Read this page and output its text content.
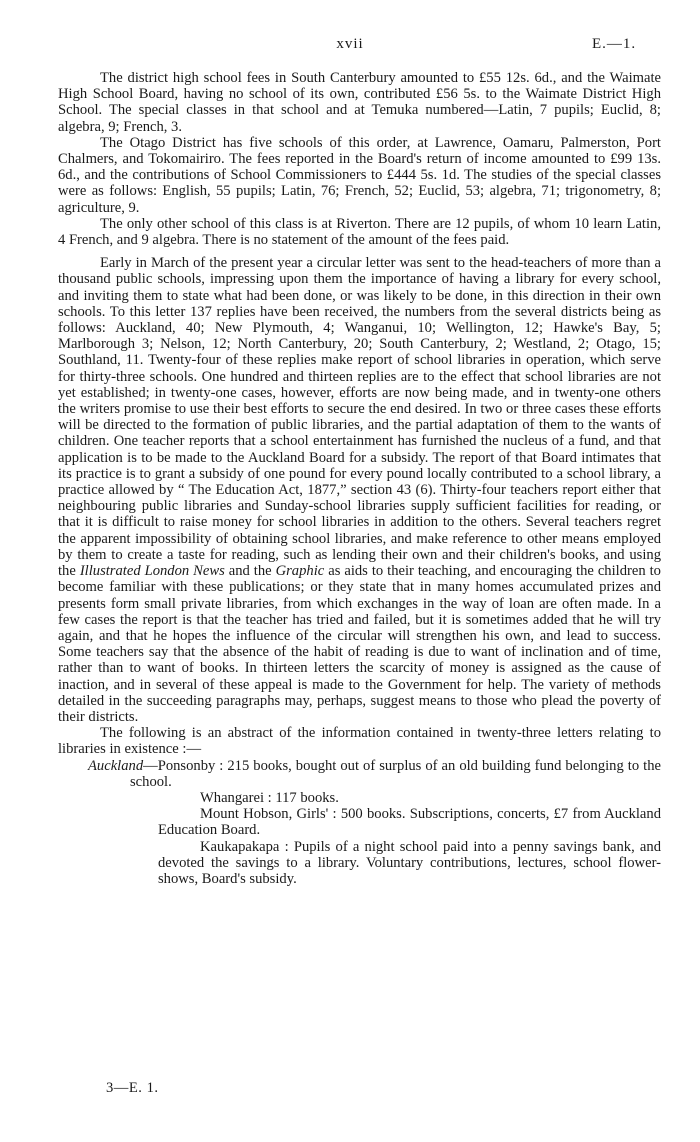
xvii	E.—1.

The district high school fees in South Canterbury amounted to £55 12s. 6d., and the Waimate High School Board, having no school of its own, contributed £56 5s. to the Waimate District High School. The special classes in that school and at Temuka numbered—Latin, 7 pupils; Euclid, 8; algebra, 9; French, 3.

The Otago District has five schools of this order, at Lawrence, Oamaru, Palmerston, Port Chalmers, and Tokomairiro. The fees reported in the Board's return of income amounted to £99 13s. 6d., and the contributions of School Commissioners to £444 5s. 1d. The studies of the special classes were as follows: English, 55 pupils; Latin, 76; French, 52; Euclid, 53; algebra, 71; trigonometry, 8; agriculture, 9.

The only other school of this class is at Riverton. There are 12 pupils, of whom 10 learn Latin, 4 French, and 9 algebra. There is no statement of the amount of the fees paid.

Early in March of the present year a circular letter was sent to the head-teachers of more than a thousand public schools, impressing upon them the importance of having a library for every school, and inviting them to state what had been done, or was likely to be done, in this direction in their own schools. To this letter 137 replies have been received, the numbers from the several districts being as follows: Auckland, 40; New Plymouth, 4; Wanganui, 10; Wellington, 12; Hawke's Bay, 5; Marlborough 3; Nelson, 12; North Canterbury, 20; South Canterbury, 2; Westland, 2; Otago, 15; Southland, 11. Twenty-four of these replies make report of school libraries in operation, which serve for thirty-three schools. One hundred and thirteen replies are to the effect that school libraries are not yet established; in twenty-one cases, however, efforts are now being made, and in twenty-one others the writers promise to use their best efforts to secure the end desired. In two or three cases these efforts will be directed to the formation of public libraries, and the partial adaptation of them to the wants of children. One teacher reports that a school entertainment has furnished the nucleus of a fund, and that application is to be made to the Auckland Board for a subsidy. The report of that Board intimates that its practice is to grant a subsidy of one pound for every pound locally contributed to a school library, a practice allowed by “ The Education Act, 1877,” section 43 (6). Thirty-four teachers report either that neighbouring public libraries and Sunday-school libraries supply sufficient facilities for reading, or that it is difficult to raise money for school libraries in addition to the others. Several teachers regret the apparent impossibility of obtaining school libraries, and make reference to other means employed by them to create a taste for reading, such as lending their own and their children's books, and using the Illustrated London News and the Graphic as aids to their teaching, and encouraging the children to become familiar with these publications; or they state that in many homes accumulated prizes and presents form small private libraries, from which exchanges in the way of loan are often made. In a few cases the report is that the teacher has tried and failed, but it is sometimes added that he will try again, and that he hopes the influence of the circular will strengthen his own, and lead to success. Some teachers say that the absence of the habit of reading is due to want of inclination and of time, rather than to want of books. In thirteen letters the scarcity of money is assigned as the cause of inaction, and in several of these appeal is made to the Government for help. The variety of methods detailed in the succeeding paragraphs may, perhaps, suggest means to those who plead the poverty of their districts.

The following is an abstract of the information contained in twenty-three letters relating to libraries in existence :—

Auckland—Ponsonby : 215 books, bought out of surplus of an old building fund belonging to the school.

Whangarei : 117 books.

Mount Hobson, Girls' : 500 books. Subscriptions, concerts, £7 from Auckland Education Board.

Kaukapakapa : Pupils of a night school paid into a penny savings bank, and devoted the savings to a library. Voluntary contributions, lectures, school flower-shows, Board's subsidy.

3—E. 1.
